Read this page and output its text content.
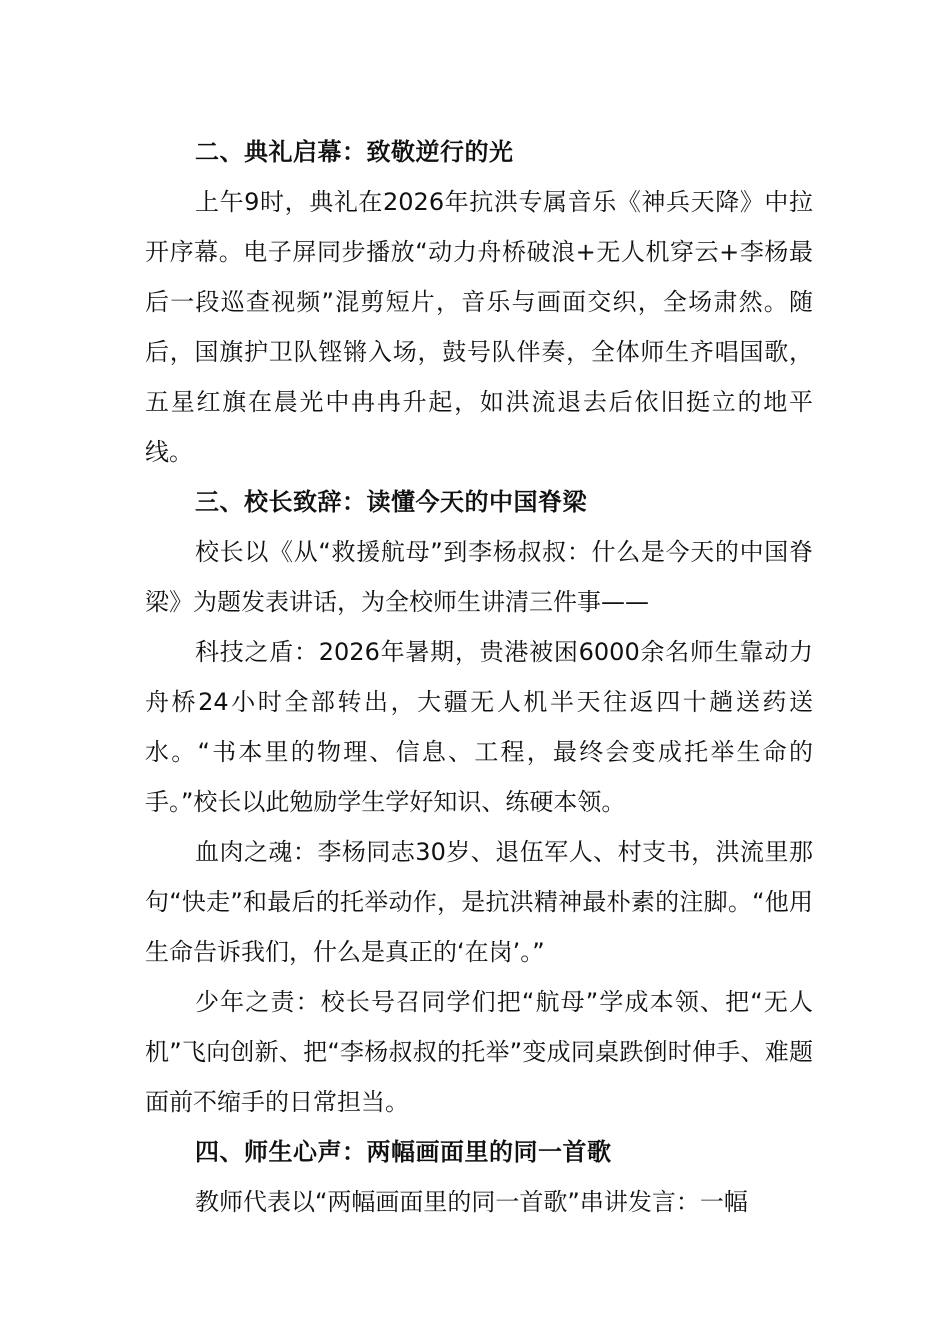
二、典礼启幕：致敬逆行的光

上午9时，典礼在2026年抗洪专属音乐《神兵天降》中拉开序幕。电子屏同步播放“动力舟桥破浪+无人机穿云+李杨最后一段巡查视频”混剪短片，音乐与画面交织，全场肃然。随后，国旗护卫队铿锵入场，鼓号队伴奏，全体师生齐唱国歌，五星红旗在晨光中冉冉升起，如洪流退去后依旧挺立的地平线。

三、校长致辞：读懂今天的中国脊梁

校长以《从“救援航母”到李杨叔叔：什么是今天的中国脊梁》为题发表讲话，为全校师生讲清三件事——

科技之盾：2026年暑期，贵港被困6000余名师生靠动力舟桥24小时全部转出，大疆无人机半天往返四十趟送药送水。“书本里的物理、信息、工程，最终会变成托举生命的手。”校长以此勉励学生学好知识、练硬本领。

血肉之魂：李杨同志30岁、退伍军人、村支书，洪流里那句“快走”和最后的托举动作，是抗洪精神最朴素的注脚。“他用生命告诉我们，什么是真正的‘在岗’。”

少年之责：校长号召同学们把“航母”学成本领、把“无人机”飞向创新、把“李杨叔叔的托举”变成同桌跌倒时伸手、难题面前不缩手的日常担当。

四、师生心声：两幅画面里的同一首歌

教师代表以“两幅画面里的同一首歌”串讲发言：一幅
